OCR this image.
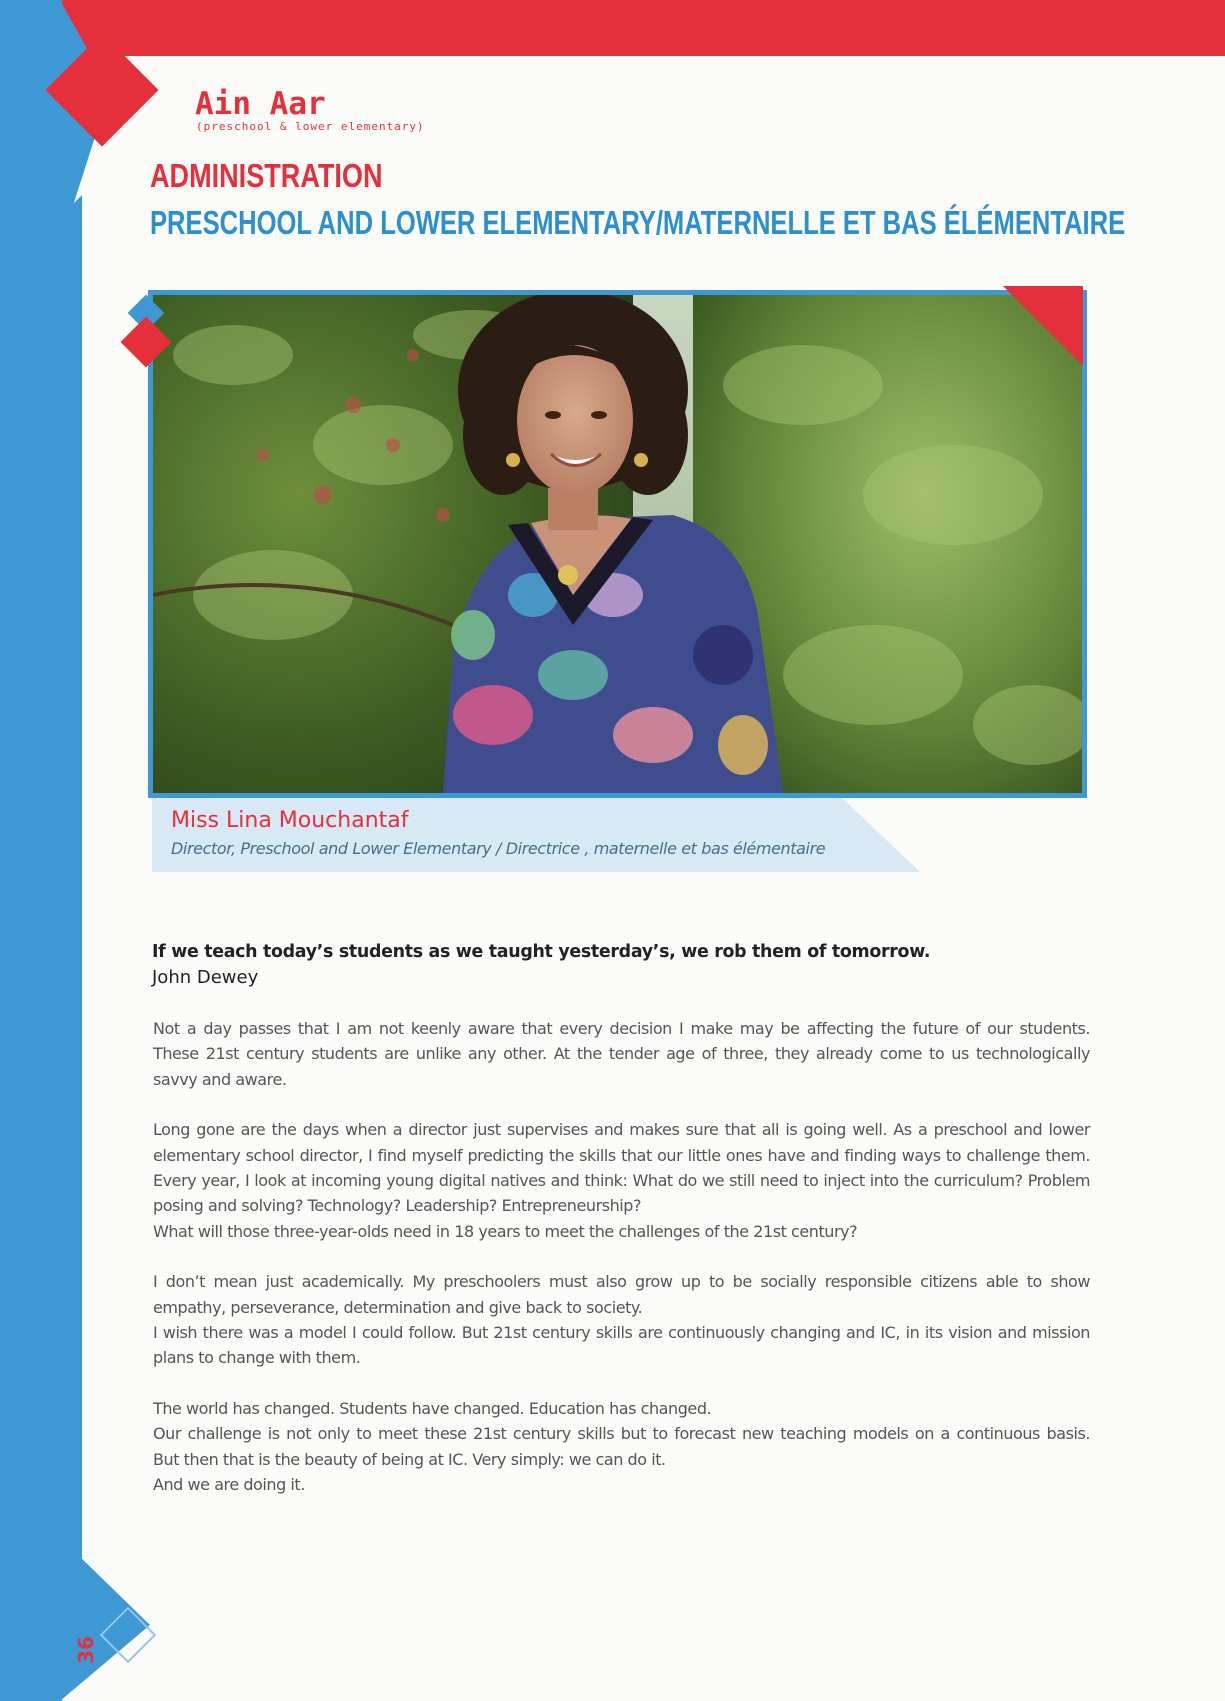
36
Ain Aar
(preschool & lower elementary)
ADMINISTRATION
PRESCHOOL AND LOWER ELEMENTARY/MATERNELLE ET BAS ÉLÉMENTAIRE
Miss Lina Mouchantaf
Director, Preschool and Lower Elementary / Directrice , maternelle et bas élémentaire
If we teach today’s students as we taught yesterday’s, we rob them of tomorrow.
John Dewey

Not a day passes that I am not keenly aware that every decision I make may be affecting the future of our students.
These 21st century students are unlike any other. At the tender age of three, they already come to us technologically
savvy and aware.

Long gone are the days when a director just supervises and makes sure that all is going well. As a preschool and lower
elementary school director, I find myself predicting the skills that our little ones have and finding ways to challenge them.
Every year, I look at incoming young digital natives and think: What do we still need to inject into the curriculum? Problem
posing and solving? Technology? Leadership? Entrepreneurship?
What will those three-year-olds need in 18 years to meet the challenges of the 21st century?

I don’t mean just academically. My preschoolers must also grow up to be socially responsible citizens able to show
empathy, perseverance, determination and give back to society.
I wish there was a model I could follow. But 21st century skills are continuously changing and IC, in its vision and mission
plans to change with them.

The world has changed. Students have changed. Education has changed.
Our challenge is not only to meet these 21st century skills but to forecast new teaching models on a continuous basis.
But then that is the beauty of being at IC. Very simply: we can do it.
And we are doing it.
